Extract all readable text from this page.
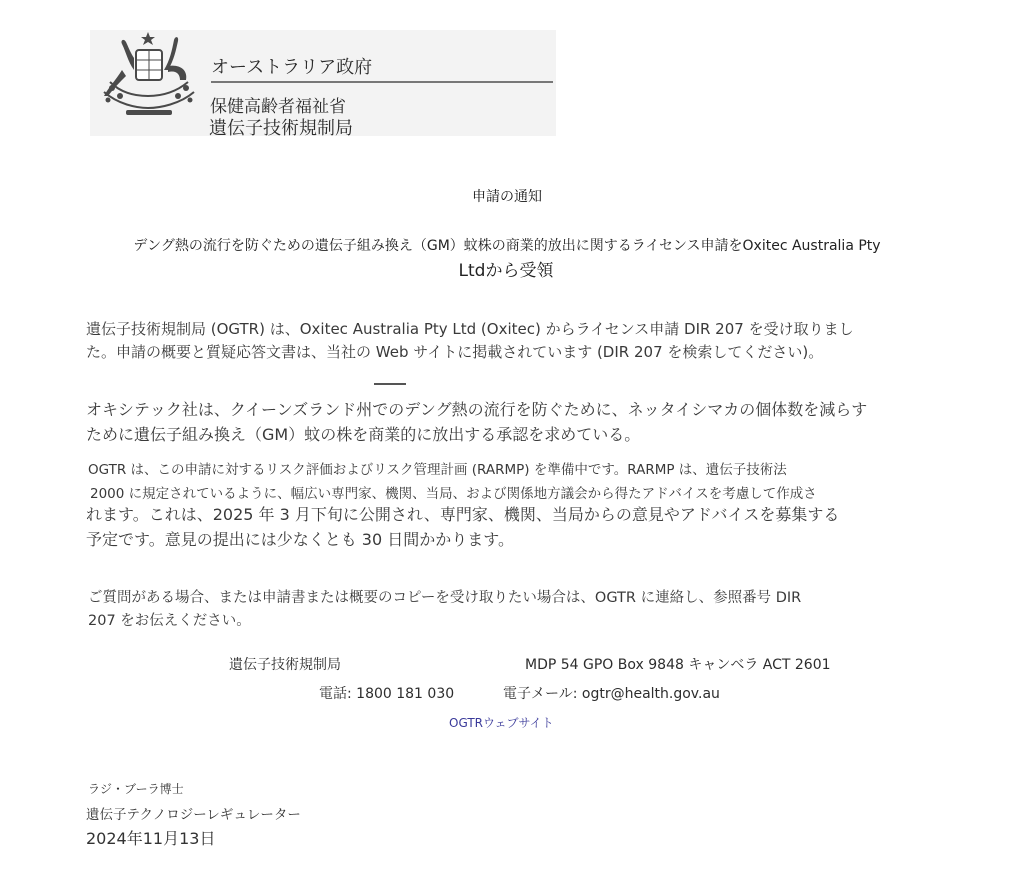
オーストラリア政府
保健高齢者福祉省
遺伝子技術規制局
申請の通知
デング熱の流行を防ぐための遺伝子組み換え（GM）蚊株の商業的放出に関するライセンス申請をOxitec Australia Pty
Ltdから受領
遺伝子技術規制局 (OGTR) は、Oxitec Australia Pty Ltd (Oxitec) からライセンス申請 DIR 207 を受け取りまし
た。申請の概要と質疑応答文書は、当社の Web サイトに掲載されています (DIR 207 を検索してください)。
オキシテック社は、クイーンズランド州でのデング熱の流行を防ぐために、ネッタイシマカの個体数を減らす
ために遺伝子組み換え（GM）蚊の株を商業的に放出する承認を求めている。
OGTR は、この申請に対するリスク評価およびリスク管理計画 (RARMP) を準備中です。RARMP は、遺伝子技術法
2000 に規定されているように、幅広い専門家、機関、当局、および関係地方議会から得たアドバイスを考慮して作成さ
れます。これは、2025 年 3 月下旬に公開され、専門家、機関、当局からの意見やアドバイスを募集する
予定です。意見の提出には少なくとも 30 日間かかります。
ご質問がある場合、または申請書または概要のコピーを受け取りたい場合は、OGTR に連絡し、参照番号 DIR
207 をお伝えください。
遺伝子技術規制局	MDP 54 GPO Box 9848 キャンベラ ACT 2601
電話: 1800 181 030	電子メール: ogtr@health.gov.au
OGTRウェブサイト
ラジ・ブーラ博士
遺伝子テクノロジーレギュレーター
2024年11月13日
